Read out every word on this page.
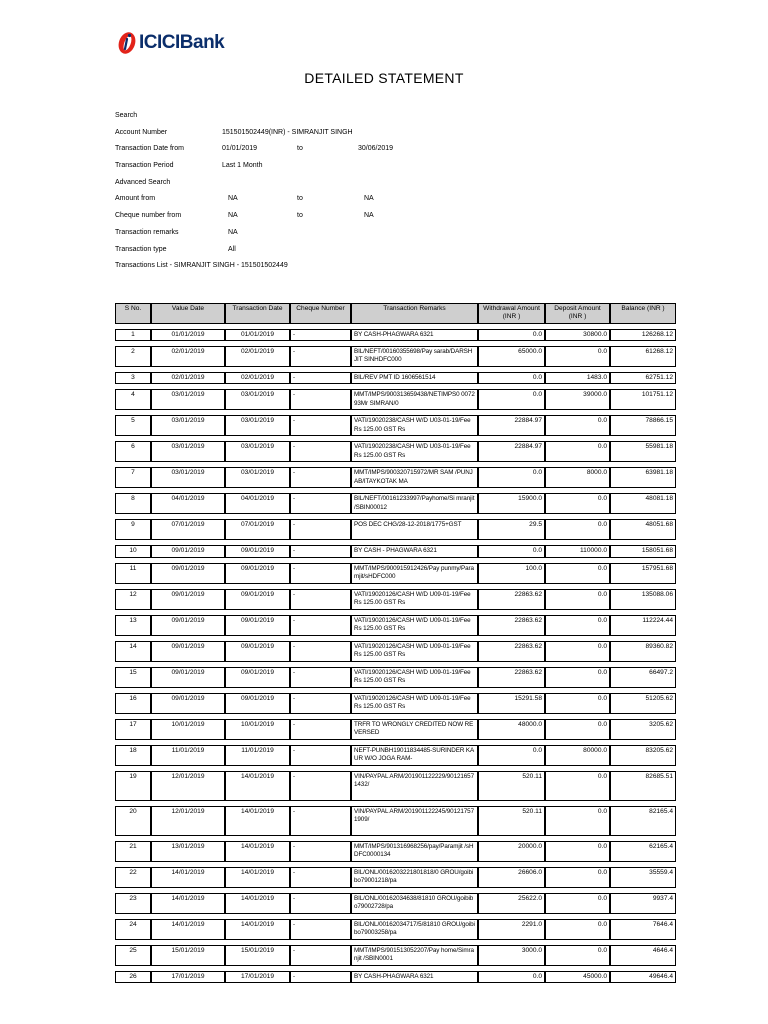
ICICI Bank
DETAILED STATEMENT
Search
Account Number	151501502449(INR) - SIMRANJIT SINGH
Transaction Date from	01/01/2019	to	30/06/2019
Transaction Period	Last 1 Month
Advanced Search
Amount from	NA	to	NA
Cheque number from	NA	to	NA
Transaction remarks	NA
Transaction type	All
Transactions List - SIMRANJIT SINGH - 151501502449
S No.	Value Date	Transaction Date	Cheque Number	Transaction Remarks	Withdrawal Amount (INR )	Deposit Amount (INR )	Balance (INR )
1	01/01/2019	01/01/2019	-	BY CASH-PHAGWARA 6321	0.0	30800.0	126268.12
2	02/01/2019	02/01/2019	-	BIL/NEFT/00160355698/Pay sarab/DARSHJIT SINHDFC000	65000.0	0.0	61268.12
3	02/01/2019	02/01/2019	-	BIL/REV PMT ID 1606561514	0.0	1483.0	62751.12
4	03/01/2019	03/01/2019	-	MMT/IMPS/900313659438/NETIMPS0 007293Mr SIMRAN/0	0.0	39000.0	101751.12
5	03/01/2019	03/01/2019	-	VATI/19020238/CASH W/D U03-01-19/Fee Rs 125.00 GST Rs	22884.97	0.0	78866.15
6	03/01/2019	03/01/2019	-	VATI/19020238/CASH W/D U03-01-19/Fee Rs 125.00 GST Rs	22884.97	0.0	55981.18
7	03/01/2019	03/01/2019	-	MMT/IMPS/900320715972/MR SAM /PUNJAB/ITAYKOTAK MA	0.0	8000.0	63981.18
8	04/01/2019	04/01/2019	-	BIL/NEFT/00161233997/Payhome/Si mranjit /SBIN00012	15900.0	0.0	48081.18
9	07/01/2019	07/01/2019	-	POS DEC CHG/28-12-2018/1775+GST	29.5	0.0	48051.68
10	09/01/2019	09/01/2019	-	BY CASH - PHAGWARA 6321	0.0	110000.0	158051.68
11	09/01/2019	09/01/2019	-	MMT/IMPS/900915912426/Pay punmy/Paramjit/sHDFC000	100.0	0.0	157951.68
12	09/01/2019	09/01/2019	-	VATI/19020126/CASH W/D U09-01-19/Fee Rs 125.00 GST Rs	22863.62	0.0	135088.06
13	09/01/2019	09/01/2019	-	VATI/19020126/CASH W/D U09-01-19/Fee Rs 125.00 GST Rs	22863.62	0.0	112224.44
14	09/01/2019	09/01/2019	-	VATI/19020126/CASH W/D U09-01-19/Fee Rs 125.00 GST Rs	22863.62	0.0	89360.82
15	09/01/2019	09/01/2019	-	VATI/19020126/CASH W/D U09-01-19/Fee Rs 125.00 GST Rs	22863.62	0.0	66497.2
16	09/01/2019	09/01/2019	-	VATI/19020126/CASH W/D U09-01-19/Fee Rs 125.00 GST Rs	15291.58	0.0	51205.62
17	10/01/2019	10/01/2019	-	TRFR TO WRONGLY CREDITED NOW REVERSED	48000.0	0.0	3205.62
18	11/01/2019	11/01/2019	-	NEFT-PUNBH19011834485-SURINDER KAUR W/O JOGA RAM-	0.0	80000.0	83205.62
19	12/01/2019	14/01/2019	-	VIN/PAYPAL ARM/201901122229/901216571432/	520.11	0.0	82685.51
20	12/01/2019	14/01/2019	-	VIN/PAYPAL ARM/201901122245/901217571909/	520.11	0.0	82165.4
21	13/01/2019	14/01/2019	-	MMT/IMPS/901316968256/pay/Paramjit /sHDFC0000134	20000.0	0.0	62165.4
22	14/01/2019	14/01/2019	-	BIL/ONL/0016203221801818/0 GROU/goibibo79001218/pa	26606.0	0.0	35559.4
23	14/01/2019	14/01/2019	-	BIL/ONL/00162034638/81810 GROU/goibibo79002728/pa	25622.0	0.0	9937.4
24	14/01/2019	14/01/2019	-	BIL/ONL/00162034717/5/81810 GROU/goibibo79003258/pa	2291.0	0.0	7646.4
25	15/01/2019	15/01/2019	-	MMT/IMPS/901513052207/Pay home/Simranjit /SBIN0001	3000.0	0.0	4646.4
26	17/01/2019	17/01/2019	-	BY CASH-PHAGWARA 6321	0.0	45000.0	49646.4
